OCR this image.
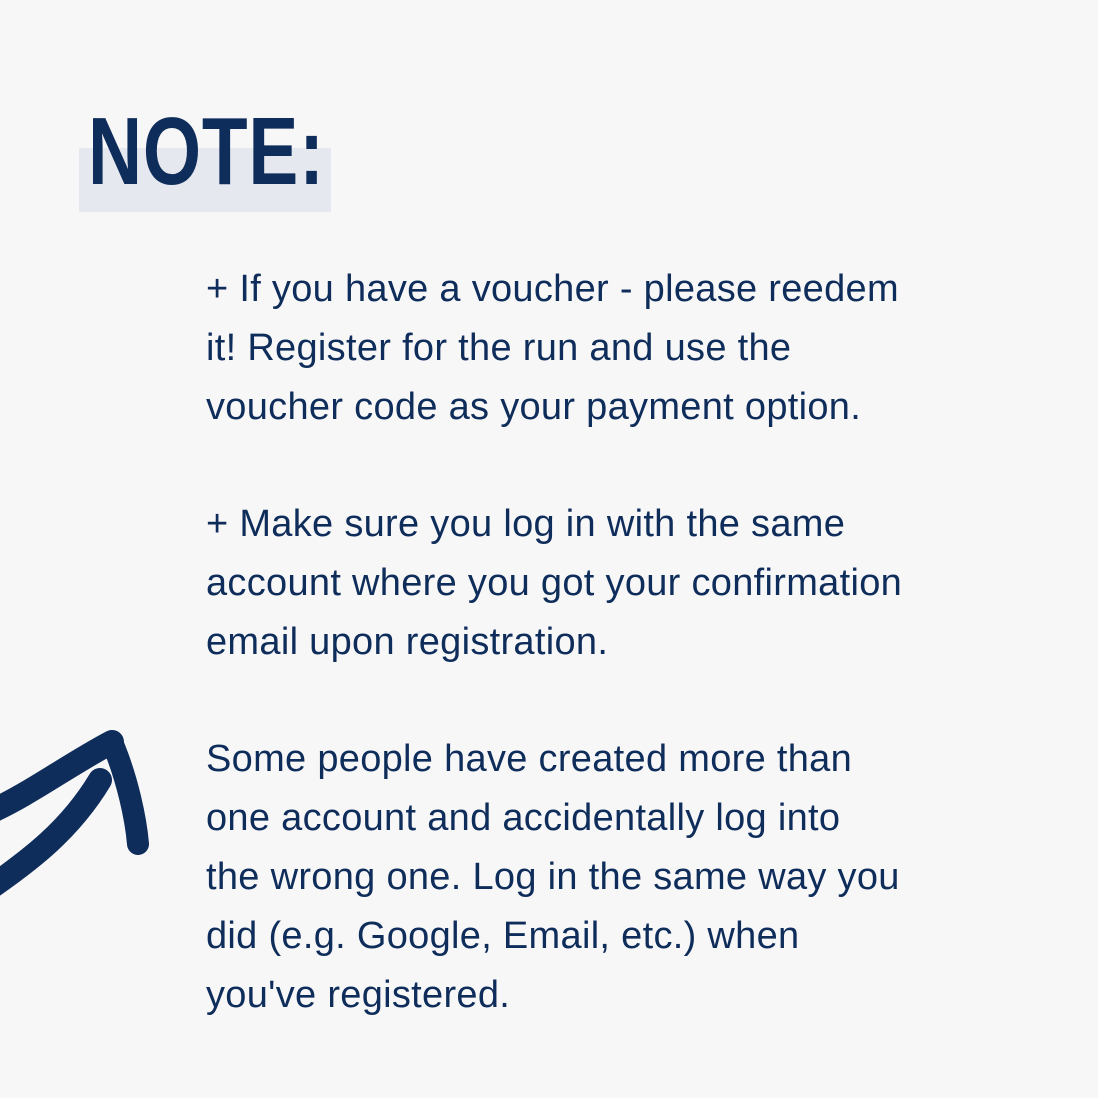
NOTE:

+ If you have a voucher - please reedem
it! Register for the run and use the
voucher code as your payment option.

+ Make sure you log in with the same
account where you got your confirmation
email upon registration.

Some people have created more than
one account and accidentally log into
the wrong one. Log in the same way you
did (e.g. Google, Email, etc.) when
you've registered.
